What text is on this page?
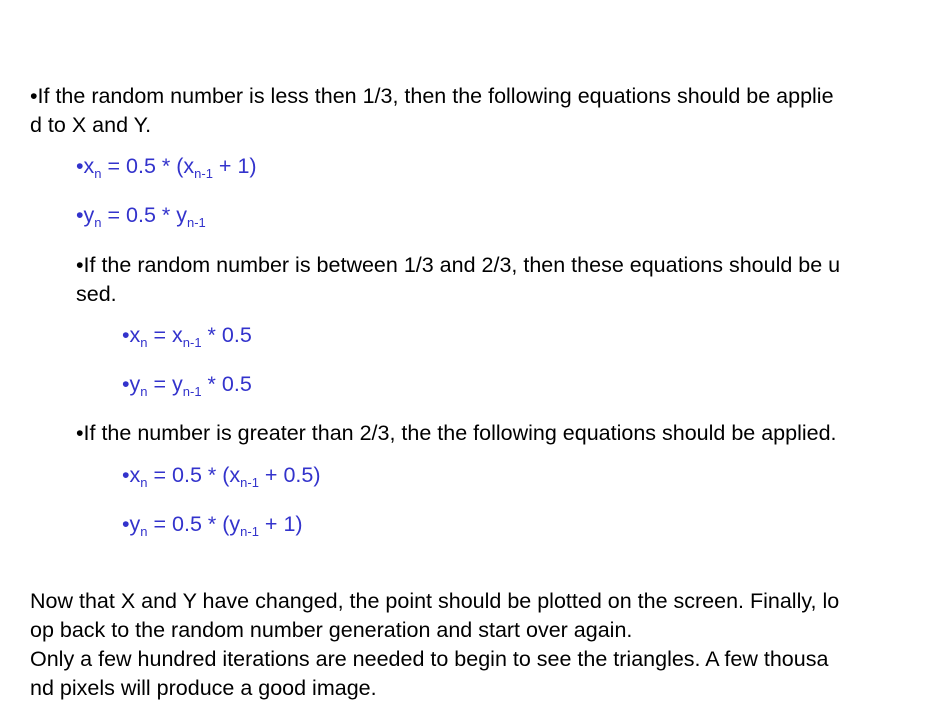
•If the random number is less then 1/3, then the following equations should be applie
d to X and Y.
$•x_n = 0.5 * (x_{n-1} + 1)$
$•y_n = 0.5 * y_{n-1}$
•If the random number is between 1/3 and 2/3, then these equations should be u
sed.
$•x_n = x_{n-1} * 0.5$
$•y_n = y_{n-1} * 0.5$
•If the number is greater than 2/3, the the following equations should be applied.
$•x_n = 0.5 * (x_{n-1} + 0.5)$
$•y_n = 0.5 * (y_{n-1} + 1)$
Now that X and Y have changed, the point should be plotted on the screen. Finally, lo
op back to the random number generation and start over again.
Only a few hundred iterations are needed to begin to see the triangles. A few thousa
nd pixels will produce a good image.
